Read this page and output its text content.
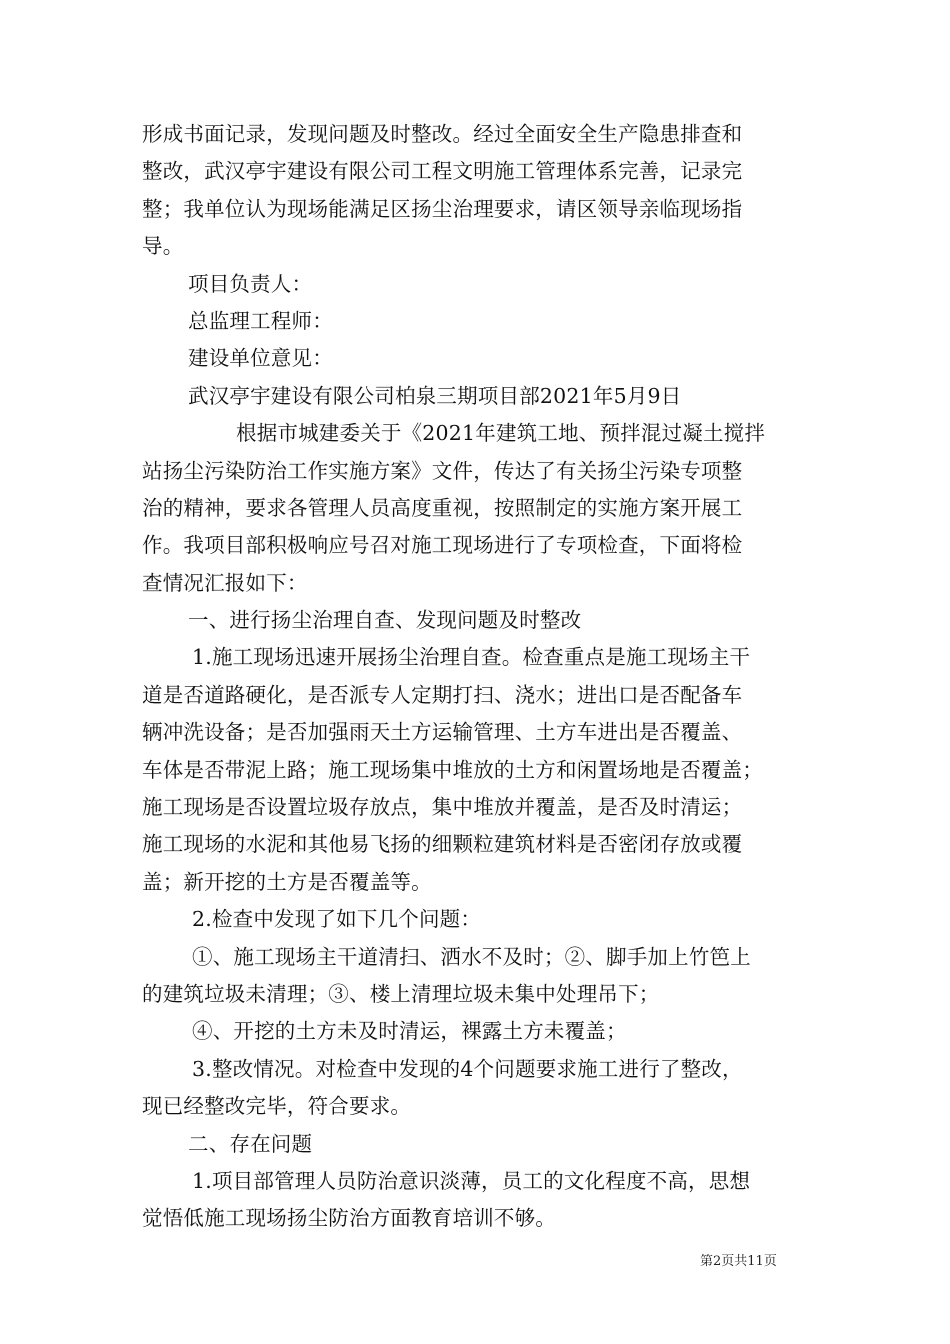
形成书面记录，发现问题及时整改。经过全面安全生产隐患排查和
整改，武汉亭宇建设有限公司工程文明施工管理体系完善，记录完
整；我单位认为现场能满足区扬尘治理要求，请区领导亲临现场指
导。
项目负责人：
总监理工程师：
建设单位意见：
武汉亭宇建设有限公司柏泉三期项目部2021年5月9日
根据市城建委关于《2021年建筑工地、预拌混过凝土搅拌
站扬尘污染防治工作实施方案》文件，传达了有关扬尘污染专项整
治的精神，要求各管理人员高度重视，按照制定的实施方案开展工
作。我项目部积极响应号召对施工现场进行了专项检查，下面将检
查情况汇报如下：
一、进行扬尘治理自查、发现问题及时整改
1.施工现场迅速开展扬尘治理自查。检查重点是施工现场主干
道是否道路硬化，是否派专人定期打扫、浇水；进出口是否配备车
辆冲洗设备；是否加强雨天土方运输管理、土方车进出是否覆盖、
车体是否带泥上路；施工现场集中堆放的土方和闲置场地是否覆盖；
施工现场是否设置垃圾存放点，集中堆放并覆盖，是否及时清运；
施工现场的水泥和其他易飞扬的细颗粒建筑材料是否密闭存放或覆
盖；新开挖的土方是否覆盖等。
2.检查中发现了如下几个问题：
①、施工现场主干道清扫、洒水不及时；②、脚手加上竹笆上
的建筑垃圾未清理；③、楼上清理垃圾未集中处理吊下；
④、开挖的土方未及时清运，裸露土方未覆盖；
3.整改情况。对检查中发现的4个问题要求施工进行了整改，
现已经整改完毕，符合要求。
二、存在问题
1.项目部管理人员防治意识淡薄，员工的文化程度不高，思想
觉悟低施工现场扬尘防治方面教育培训不够。
第2页共11页
